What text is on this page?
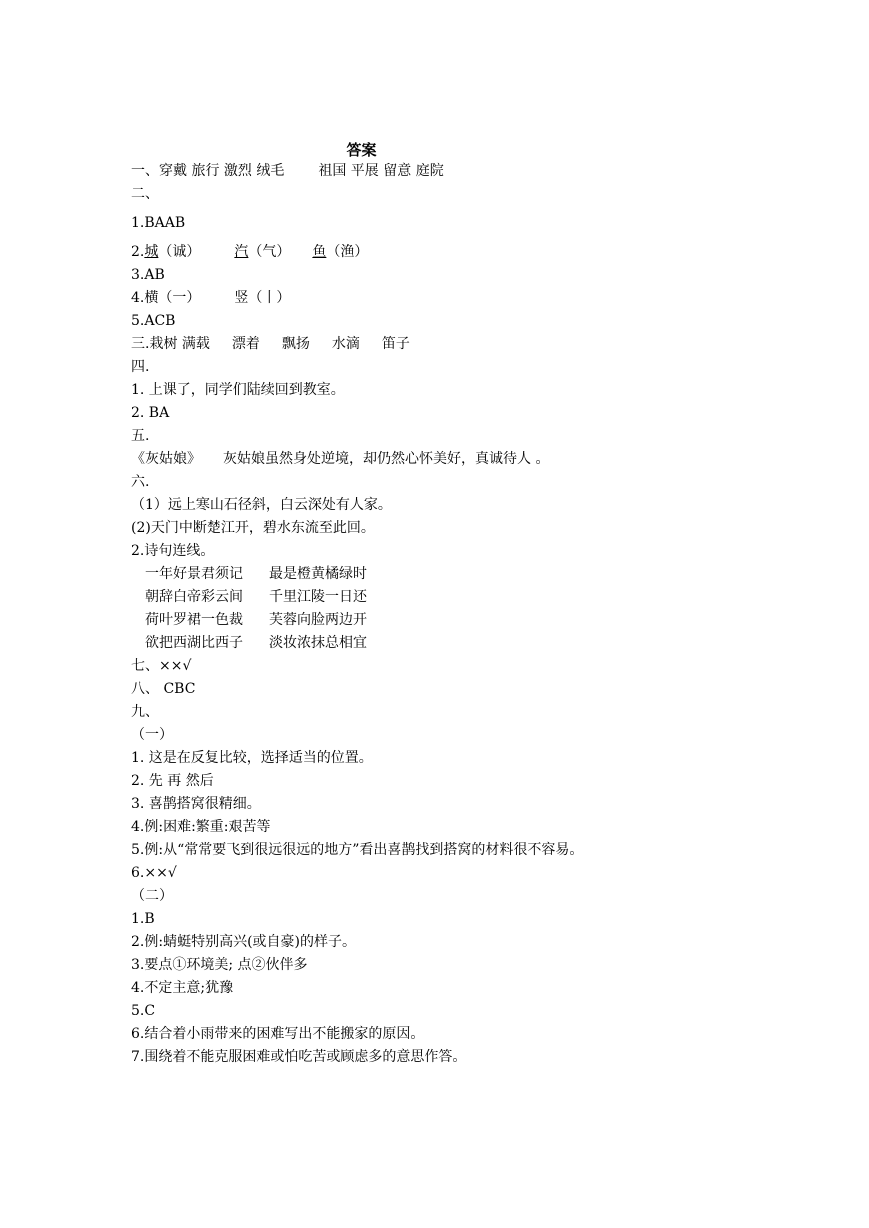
答案
一、穿戴 旅行 激烈 绒毛 祖国 平展 留意 庭院
二、
1.BAAB
2.城（诚） 汽（气） 鱼（渔）
3.AB
4.横（一） 竖（丨）
5.ACB
三.栽树 满载 漂着 飘扬 水滴 笛子
四.
1. 上课了，同学们陆续回到教室。
2. BA
五.
《灰姑娘》 灰姑娘虽然身处逆境，却仍然心怀美好，真诚待人 。
六.
（1）远上寒山石径斜，白云深处有人家。
(2)天门中断楚江开，碧水东流至此回。
2.诗句连线。
一年好景君须记 最是橙黄橘绿时
朝辞白帝彩云间 千里江陵一日还
荷叶罗裙一色裁 芙蓉向脸两边开
欲把西湖比西子 淡妆浓抹总相宜
七、××√
八、 CBC
九、
（一）
1. 这是在反复比较，选择适当的位置。
2. 先 再 然后
3. 喜鹊搭窝很精细。
4.例:困难:繁重:艰苦等
5.例:从“常常要飞到很远很远的地方”看出喜鹊找到搭窝的材料很不容易。
6.××√
（二）
1.B
2.例:蜻蜓特别高兴(或自豪)的样子。
3.要点①环境美; 点②伙伴多
4.不定主意;犹豫
5.C
6.结合着小雨带来的困难写出不能搬家的原因。
7.围绕着不能克服困难或怕吃苦或顾虑多的意思作答。
